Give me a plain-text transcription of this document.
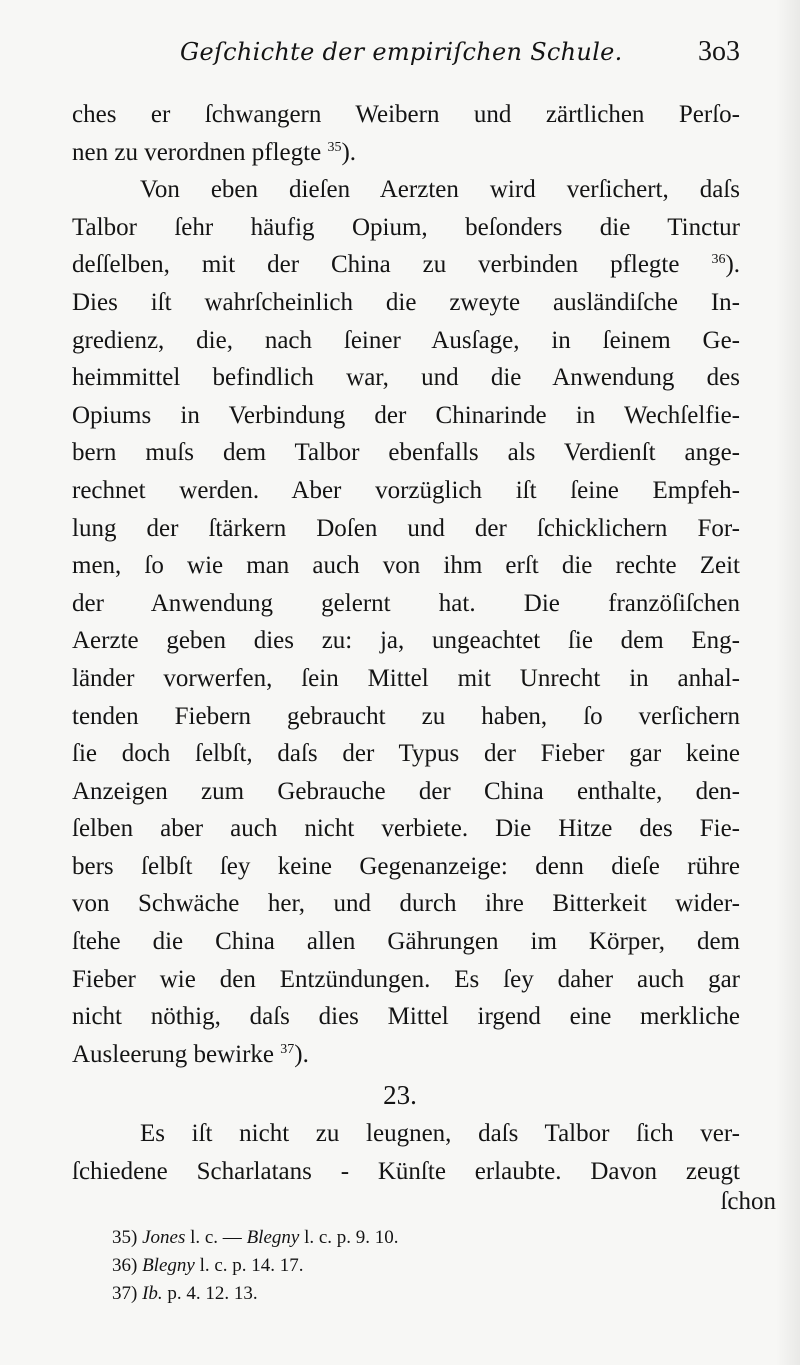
Geſchichte der empiriſchen Schule.	3o3
ches er ſchwangern Weibern und zärtlichen Perſo-
nen zu verordnen pflegte $^{35}$).
Von eben dieſen Aerzten wird verſichert, daſs
Talbor ſehr häufig Opium, beſonders die Tinctur
deſſelben, mit der China zu verbinden pflegte $^{36}$).
Dies iſt wahrſcheinlich die zweyte ausländiſche In-
gredienz, die, nach ſeiner Ausſage, in ſeinem Ge-
heimmittel befindlich war, und die Anwendung des
Opiums in Verbindung der Chinarinde in Wechſelfie-
bern muſs dem Talbor ebenfalls als Verdienſt ange-
rechnet werden. Aber vorzüglich iſt ſeine Empfeh-
lung der ſtärkern Doſen und der ſchicklichern For-
men, ſo wie man auch von ihm erſt die rechte Zeit
der Anwendung gelernt hat. Die franzöſiſchen
Aerzte geben dies zu: ja, ungeachtet ſie dem Eng-
länder vorwerfen, ſein Mittel mit Unrecht in anhal-
tenden Fiebern gebraucht zu haben, ſo verſichern
ſie doch ſelbſt, daſs der Typus der Fieber gar keine
Anzeigen zum Gebrauche der China enthalte, den-
ſelben aber auch nicht verbiete. Die Hitze des Fie-
bers ſelbſt ſey keine Gegenanzeige: denn dieſe rühre
von Schwäche her, und durch ihre Bitterkeit wider-
ſtehe die China allen Gährungen im Körper, dem
Fieber wie den Entzündungen. Es ſey daher auch gar
nicht nöthig, daſs dies Mittel irgend eine merkliche
Ausleerung bewirke $^{37}$).
23.
Es iſt nicht zu leugnen, daſs Talbor ſich ver-
ſchiedene Scharlatans - Künſte erlaubte. Davon zeugt
ſchon
35) Jones l. c. — Blegny l. c. p. 9. 10.
36) Blegny l. c. p. 14. 17.
37) Ib. p. 4. 12. 13.
